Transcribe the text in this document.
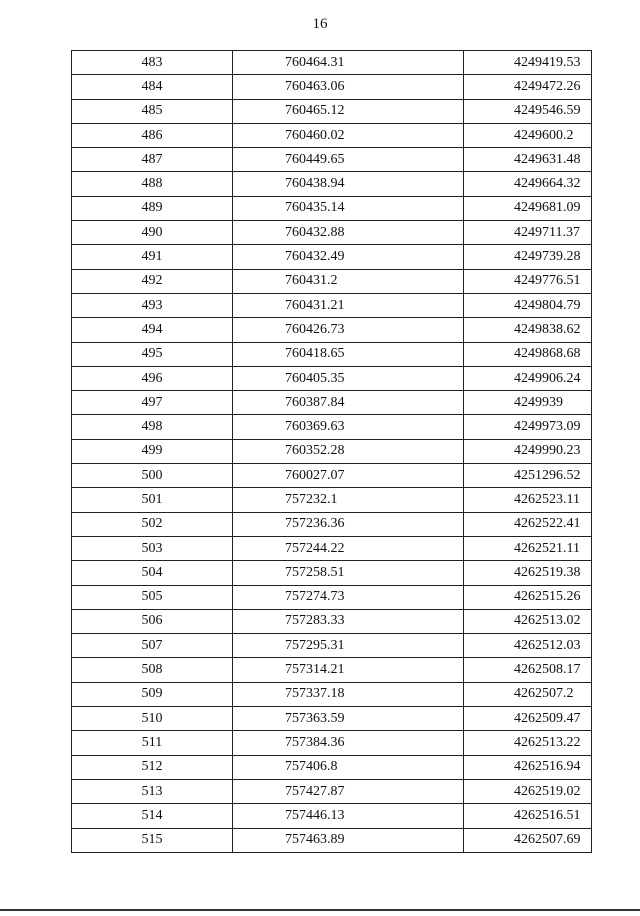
16
483	760464.31	4249419.53
484	760463.06	4249472.26
485	760465.12	4249546.59
486	760460.02	4249600.2
487	760449.65	4249631.48
488	760438.94	4249664.32
489	760435.14	4249681.09
490	760432.88	4249711.37
491	760432.49	4249739.28
492	760431.2	4249776.51
493	760431.21	4249804.79
494	760426.73	4249838.62
495	760418.65	4249868.68
496	760405.35	4249906.24
497	760387.84	4249939
498	760369.63	4249973.09
499	760352.28	4249990.23
500	760027.07	4251296.52
501	757232.1	4262523.11
502	757236.36	4262522.41
503	757244.22	4262521.11
504	757258.51	4262519.38
505	757274.73	4262515.26
506	757283.33	4262513.02
507	757295.31	4262512.03
508	757314.21	4262508.17
509	757337.18	4262507.2
510	757363.59	4262509.47
511	757384.36	4262513.22
512	757406.8	4262516.94
513	757427.87	4262519.02
514	757446.13	4262516.51
515	757463.89	4262507.69
